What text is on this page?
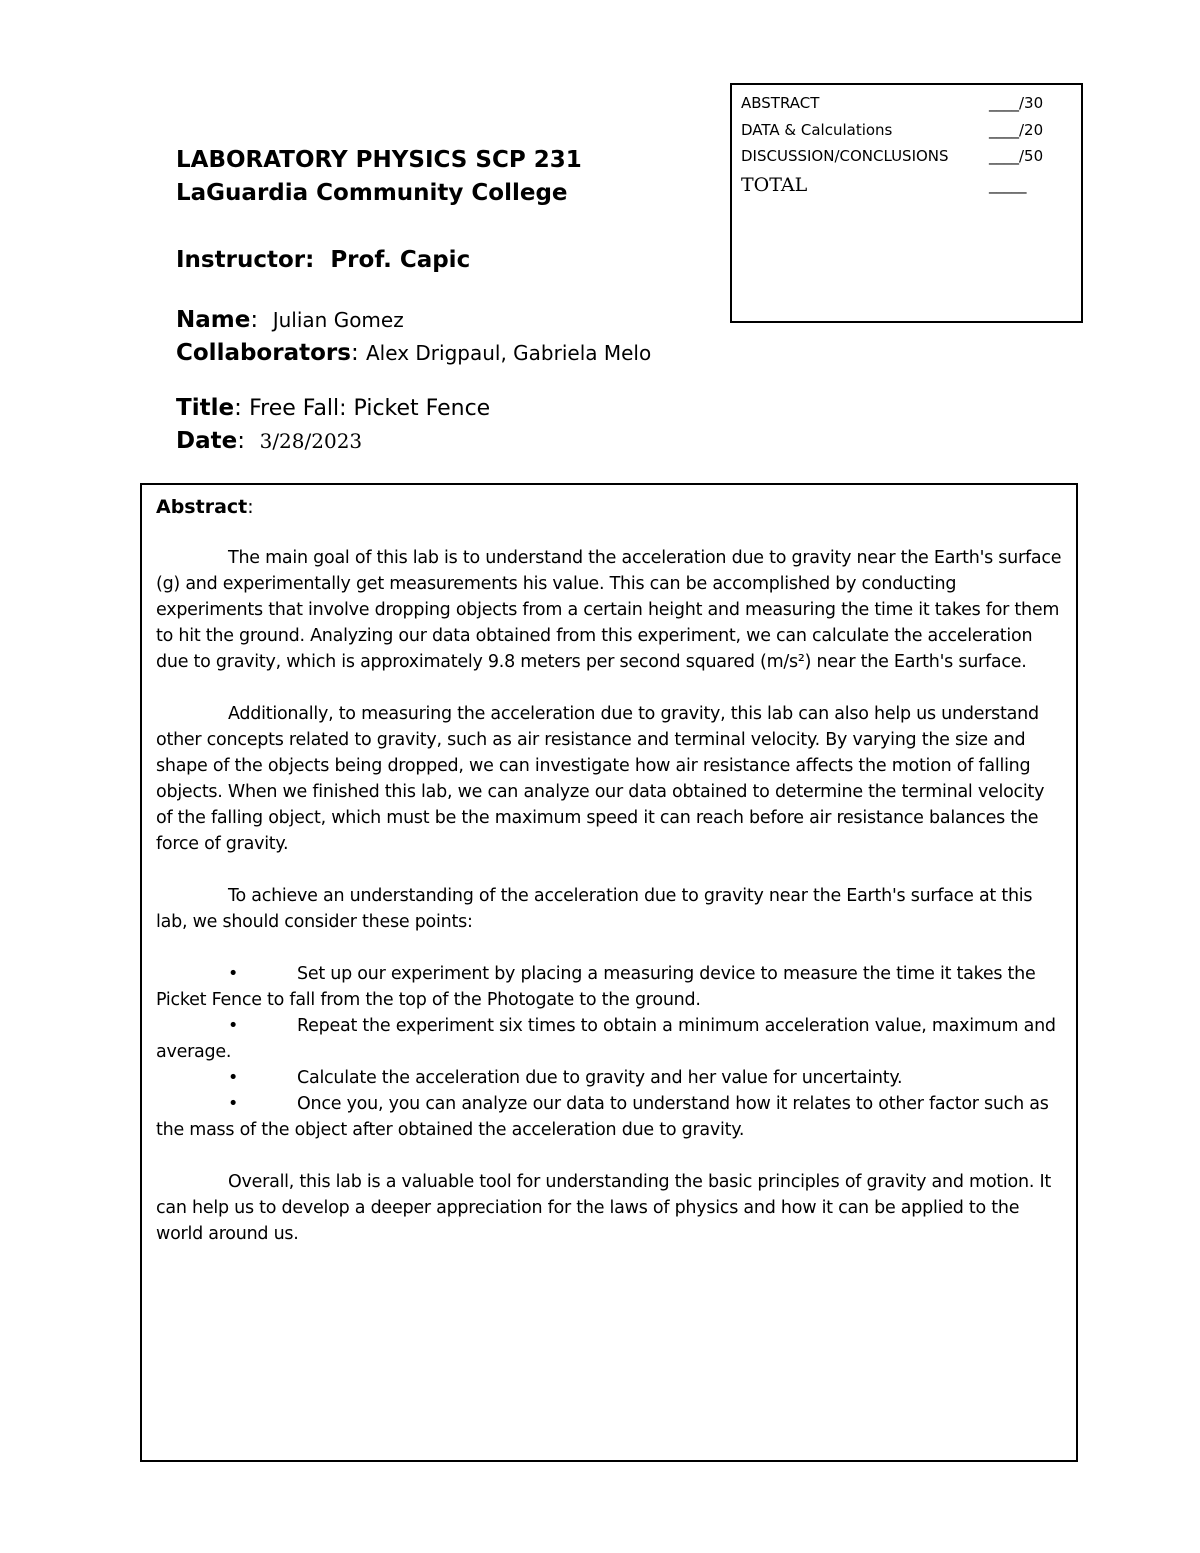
LABORATORY PHYSICS SCP 231
LaGuardia Community College
Instructor: Prof. Capic
Name:  Julian Gomez
Collaborators: Alex Drigpaul, Gabriela Melo
Title: Free Fall: Picket Fence
Date:  3/28/2023
ABSTRACT	____/30
DATA & Calculations	____/20
DISCUSSION/CONCLUSIONS	____/50
TOTAL	_____
Abstract:

The main goal of this lab is to understand the acceleration due to gravity near the Earth's surface (g) and experimentally get measurements his value. This can be accomplished by conducting experiments that involve dropping objects from a certain height and measuring the time it takes for them to hit the ground. Analyzing our data obtained from this experiment, we can calculate the acceleration due to gravity, which is approximately 9.8 meters per second squared (m/s²) near the Earth's surface.

Additionally, to measuring the acceleration due to gravity, this lab can also help us understand other concepts related to gravity, such as air resistance and terminal velocity. By varying the size and shape of the objects being dropped, we can investigate how air resistance affects the motion of falling objects. When we finished this lab, we can analyze our data obtained to determine the terminal velocity of the falling object, which must be the maximum speed it can reach before air resistance balances the force of gravity.

To achieve an understanding of the acceleration due to gravity near the Earth's surface at this lab, we should consider these points:

•	Set up our experiment by placing a measuring device to measure the time it takes the Picket Fence to fall from the top of the Photogate to the ground.
•	Repeat the experiment six times to obtain a minimum acceleration value, maximum and average.
•	Calculate the acceleration due to gravity and her value for uncertainty.
•	Once you, you can analyze our data to understand how it relates to other factor such as the mass of the object after obtained the acceleration due to gravity.

Overall, this lab is a valuable tool for understanding the basic principles of gravity and motion. It can help us to develop a deeper appreciation for the laws of physics and how it can be applied to the world around us.
